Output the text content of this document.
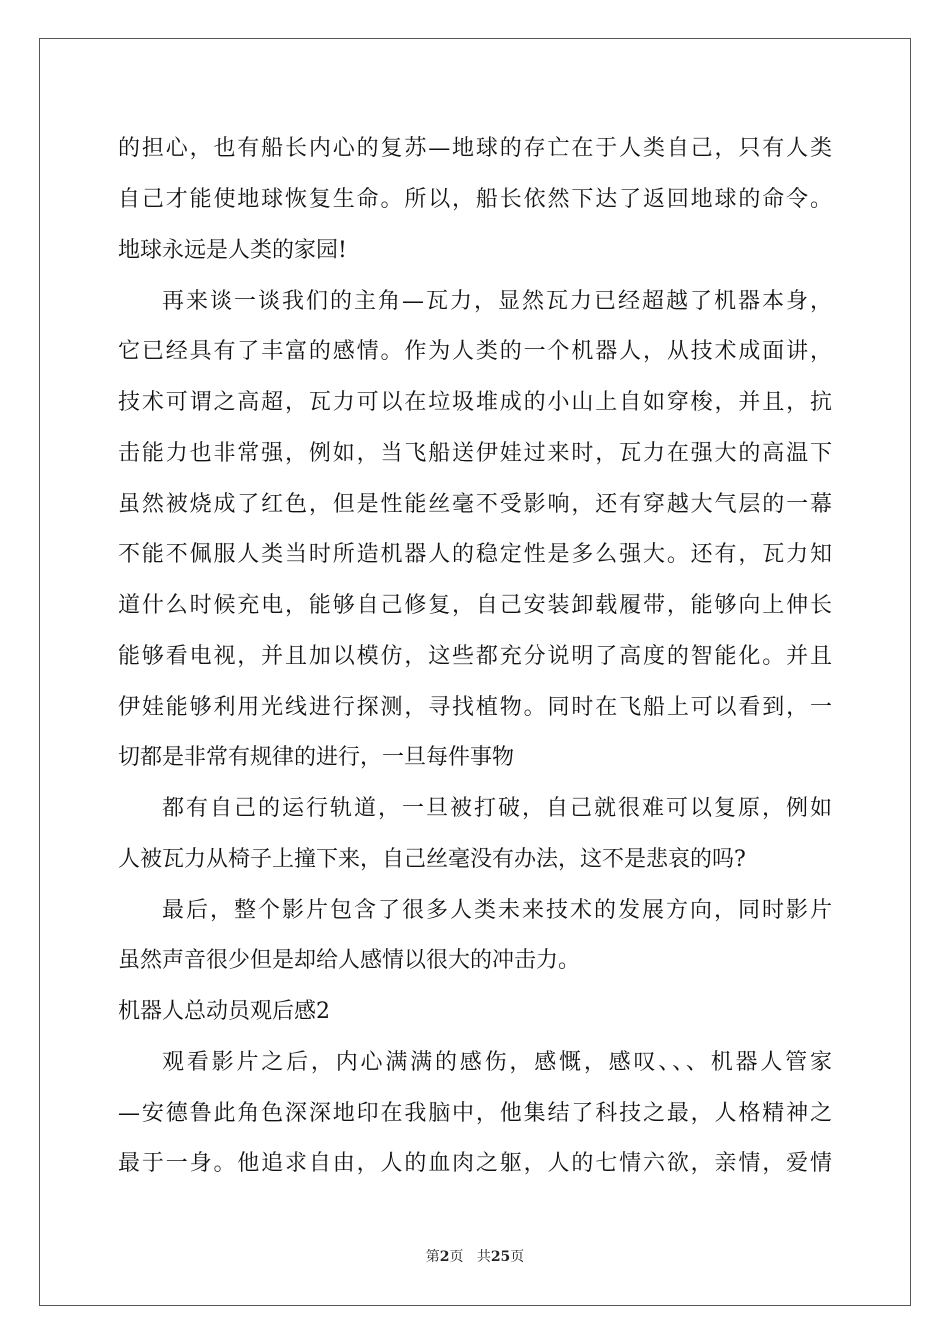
的担心，也有船长内心的复苏—地球的存亡在于人类自己，只有人类
自己才能使地球恢复生命。所以，船长依然下达了返回地球的命令。
地球永远是人类的家园!
再来谈一谈我们的主角—瓦力，显然瓦力已经超越了机器本身，
它已经具有了丰富的感情。作为人类的一个机器人，从技术成面讲，
技术可谓之高超，瓦力可以在垃圾堆成的小山上自如穿梭，并且，抗
击能力也非常强，例如，当飞船送伊娃过来时，瓦力在强大的高温下
虽然被烧成了红色，但是性能丝毫不受影响，还有穿越大气层的一幕
不能不佩服人类当时所造机器人的稳定性是多么强大。还有，瓦力知
道什么时候充电，能够自己修复，自己安装卸载履带，能够向上伸长
能够看电视，并且加以模仿，这些都充分说明了高度的智能化。并且
伊娃能够利用光线进行探测，寻找植物。同时在飞船上可以看到，一
切都是非常有规律的进行，一旦每件事物
都有自己的运行轨道，一旦被打破，自己就很难可以复原，例如
人被瓦力从椅子上撞下来，自己丝毫没有办法，这不是悲哀的吗?
最后，整个影片包含了很多人类未来技术的发展方向，同时影片
虽然声音很少但是却给人感情以很大的冲击力。
机器人总动员观后感2
观看影片之后，内心满满的感伤，感慨，感叹、、、机器人管家
—安德鲁此角色深深地印在我脑中，他集结了科技之最，人格精神之
最于一身。他追求自由，人的血肉之躯，人的七情六欲，亲情，爱情
第2页 共25页
